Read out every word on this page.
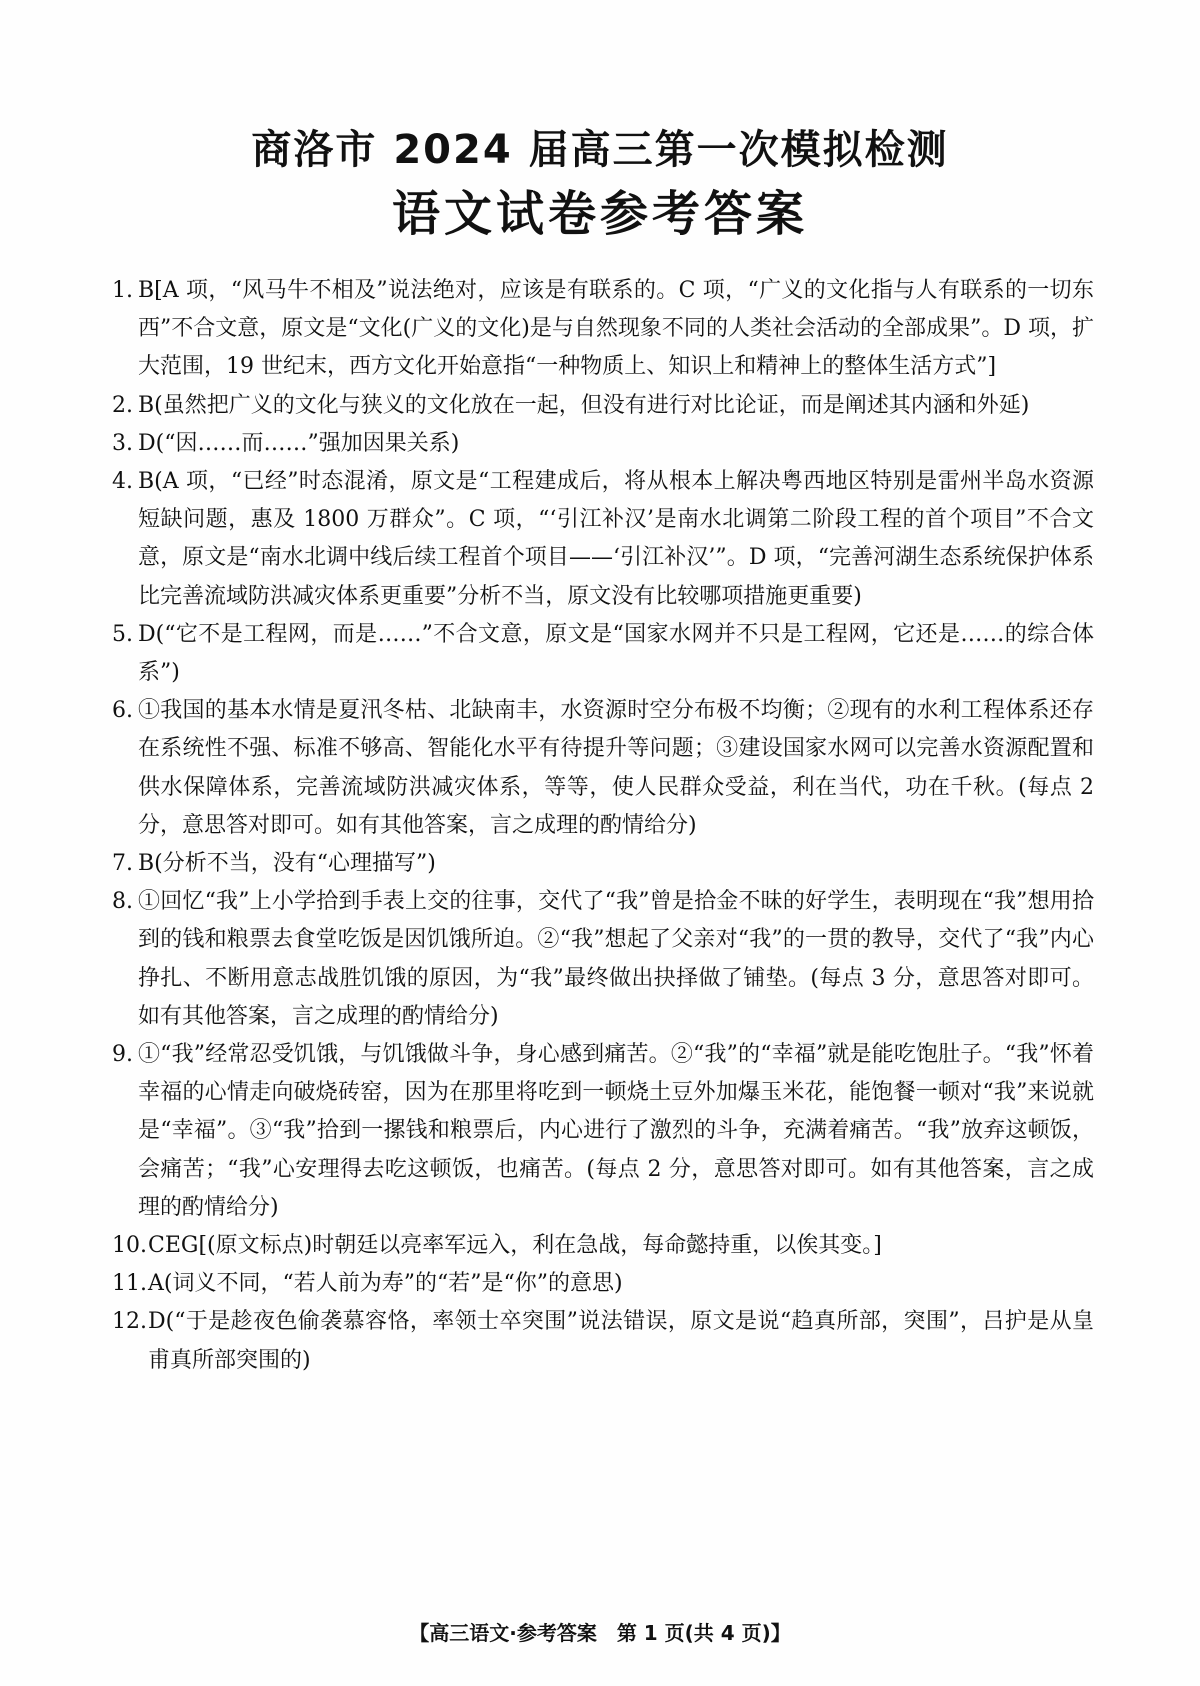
商洛市 2024 届高三第一次模拟检测
语文试卷参考答案
1. B[A 项，“风马牛不相及”说法绝对，应该是有联系的。C 项，“广义的文化指与人有联系的一切东西”不合文意，原文是“文化(广义的文化)是与自然现象不同的人类社会活动的全部成果”。D 项，扩大范围，19 世纪末，西方文化开始意指“一种物质上、知识上和精神上的整体生活方式”]
2. B(虽然把广义的文化与狭义的文化放在一起，但没有进行对比论证，而是阐述其内涵和外延)
3. D(“因……而……”强加因果关系)
4. B(A 项，“已经”时态混淆，原文是“工程建成后，将从根本上解决粤西地区特别是雷州半岛水资源短缺问题，惠及 1800 万群众”。C 项，“‘引江补汉’是南水北调第二阶段工程的首个项目”不合文意，原文是“南水北调中线后续工程首个项目——‘引江补汉’”。D 项，“完善河湖生态系统保护体系比完善流域防洪减灾体系更重要”分析不当，原文没有比较哪项措施更重要)
5. D(“它不是工程网，而是……”不合文意，原文是“国家水网并不只是工程网，它还是……的综合体系”)
6. ①我国的基本水情是夏汛冬枯、北缺南丰，水资源时空分布极不均衡；②现有的水利工程体系还存在系统性不强、标准不够高、智能化水平有待提升等问题；③建设国家水网可以完善水资源配置和供水保障体系，完善流域防洪减灾体系，等等，使人民群众受益，利在当代，功在千秋。(每点 2 分，意思答对即可。如有其他答案，言之成理的酌情给分)
7. B(分析不当，没有“心理描写”)
8. ①回忆“我”上小学拾到手表上交的往事，交代了“我”曾是拾金不昧的好学生，表明现在“我”想用拾到的钱和粮票去食堂吃饭是因饥饿所迫。②“我”想起了父亲对“我”的一贯的教导，交代了“我”内心挣扎、不断用意志战胜饥饿的原因，为“我”最终做出抉择做了铺垫。(每点 3 分，意思答对即可。如有其他答案，言之成理的酌情给分)
9. ①“我”经常忍受饥饿，与饥饿做斗争，身心感到痛苦。②“我”的“幸福”就是能吃饱肚子。“我”怀着幸福的心情走向破烧砖窑，因为在那里将吃到一顿烧土豆外加爆玉米花，能饱餐一顿对“我”来说就是“幸福”。③“我”拾到一摞钱和粮票后，内心进行了激烈的斗争，充满着痛苦。“我”放弃这顿饭，会痛苦；“我”心安理得去吃这顿饭，也痛苦。(每点 2 分，意思答对即可。如有其他答案，言之成理的酌情给分)
10. CEG[(原文标点)时朝廷以亮率军远入，利在急战，每命懿持重，以俟其变。]
11. A(词义不同，“若人前为寿”的“若”是“你”的意思)
12. D(“于是趁夜色偷袭慕容恪，率领士卒突围”说法错误，原文是说“趋真所部，突围”，吕护是从皇甫真所部突围的)
【高三语文·参考答案　第 1 页(共 4 页)】
